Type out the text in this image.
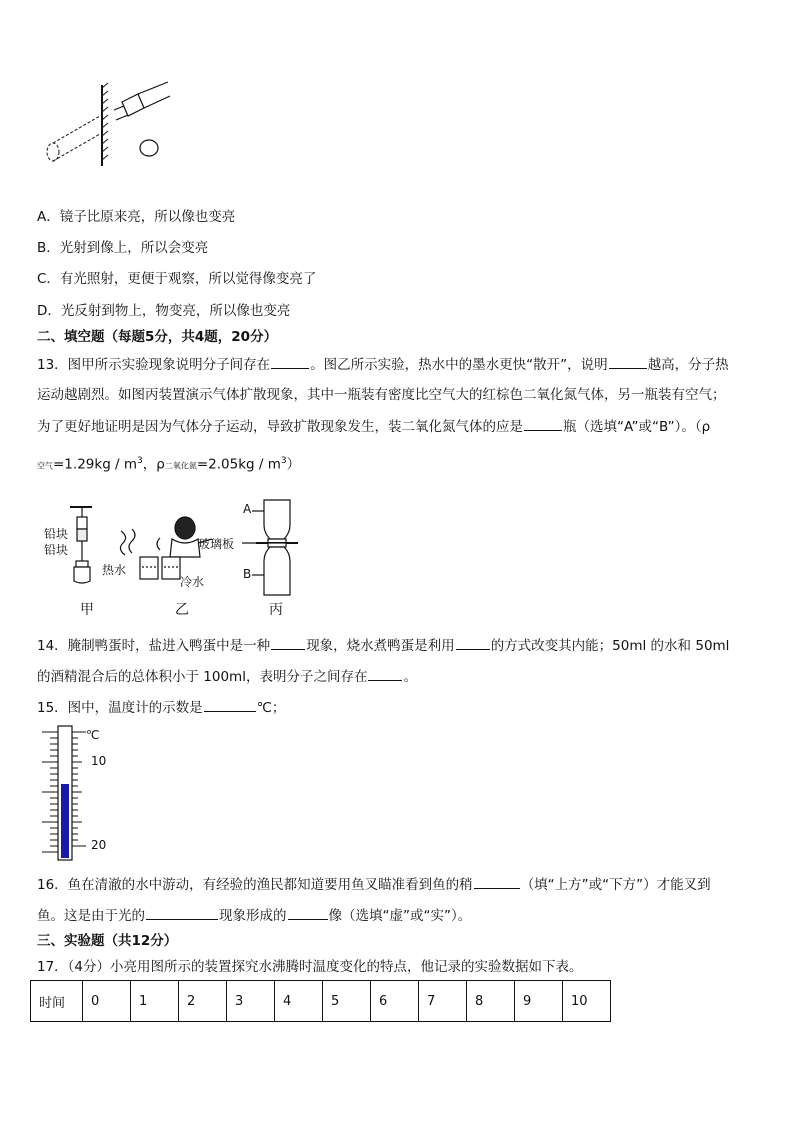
A．镜子比原来亮，所以像也变亮
B．光射到像上，所以会变亮
C．有光照射，更便于观察，所以觉得像变亮了
D．光反射到物上，物变亮，所以像也变亮
二、填空题（每题5分，共4题，20分）
13．图甲所示实验现象说明分子间存在	。图乙所示实验，热水中的墨水更快“散开”，说明	越高，分子热
运动越剧烈。如图丙装置演示气体扩散现象，其中一瓶装有密度比空气大的红棕色二氧化氮气体，另一瓶装有空气；
为了更好地证明是因为气体分子运动，导致扩散现象发生，装二氧化氮气体的应是	瓶（选填“A”或“B”）。（ρ
空气$=1.29kg / m^3$，ρ二氧化氮$=2.05kg / m^3$）
铅块
铅块
热水
冷水
A
B
玻璃板
甲	乙	丙
14．腌制鸭蛋时，盐进入鸭蛋中是一种	现象，烧水煮鸭蛋是利用	的方式改变其内能；50ml 的水和 50ml
的酒精混合后的总体积小于 100ml，表明分子之间存在	。
15．图中，温度计的示数是	℃；
℃
10
20
16．鱼在清澈的水中游动，有经验的渔民都知道要用鱼叉瞄准看到鱼的稍	（填“上方”或“下方”）才能叉到
鱼。这是由于光的	现象形成的	像（选填“虚”或“实”）。
三、实验题（共12分）
17．（4分）小亮用图所示的装置探究水沸腾时温度变化的特点，他记录的实验数据如下表。
时间	0	1	2	3	4	5	6	7	8	9	10
